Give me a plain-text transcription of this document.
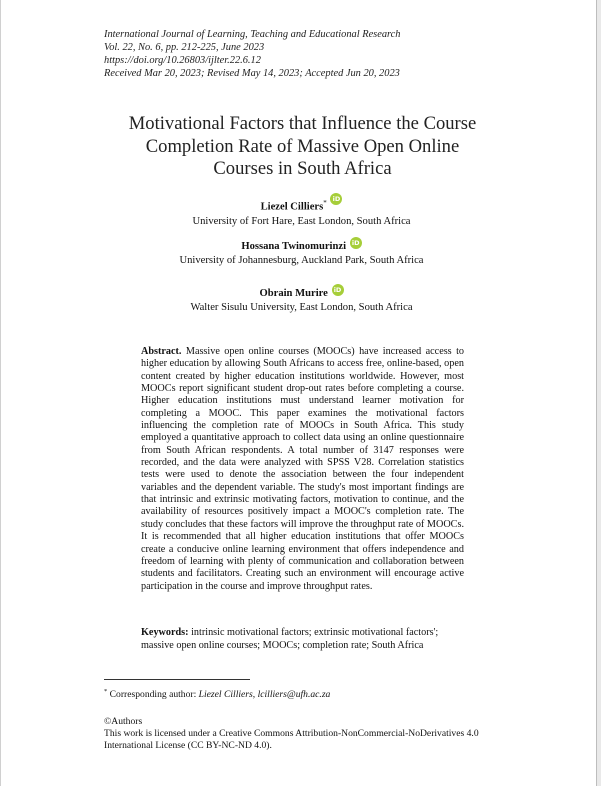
International Journal of Learning, Teaching and Educational Research
Vol. 22, No. 6, pp. 212-225, June 2023
https://doi.org/10.26803/ijlter.22.6.12
Received Mar 20, 2023; Revised May 14, 2023; Accepted Jun 20, 2023
Motivational Factors that Influence the Course
Completion Rate of Massive Open Online
Courses in South Africa
Liezel Cilliers* iD
University of Fort Hare, East London, South Africa
Hossana Twinomurinzi iD
University of Johannesburg, Auckland Park, South Africa
Obrain Murire iD
Walter Sisulu University, East London, South Africa
Abstract. Massive open online courses (MOOCs) have increased access to higher education by allowing South Africans to access free, online-based, open content created by higher education institutions worldwide. However, most MOOCs report significant student drop-out rates before completing a course. Higher education institutions must understand learner motivation for completing a MOOC. This paper examines the motivational factors influencing the completion rate of MOOCs in South Africa. This study employed a quantitative approach to collect data using an online questionnaire from South African respondents. A total number of 3147 responses were recorded, and the data were analyzed with SPSS V28. Correlation statistics tests were used to denote the association between the four independent variables and the dependent variable. The study's most important findings are that intrinsic and extrinsic motivating factors, motivation to continue, and the availability of resources positively impact a MOOC's completion rate. The study concludes that these factors will improve the throughput rate of MOOCs. It is recommended that all higher education institutions that offer MOOCs create a conducive online learning environment that offers independence and freedom of learning with plenty of communication and collaboration between students and facilitators. Creating such an environment will encourage active participation in the course and improve throughput rates.
Keywords: intrinsic motivational factors; extrinsic motivational factors'; massive open online courses; MOOCs; completion rate; South Africa
* Corresponding author: Liezel Cilliers, lcilliers@ufh.ac.za
©Authors
This work is licensed under a Creative Commons Attribution-NonCommercial-NoDerivatives 4.0 International License (CC BY-NC-ND 4.0).
